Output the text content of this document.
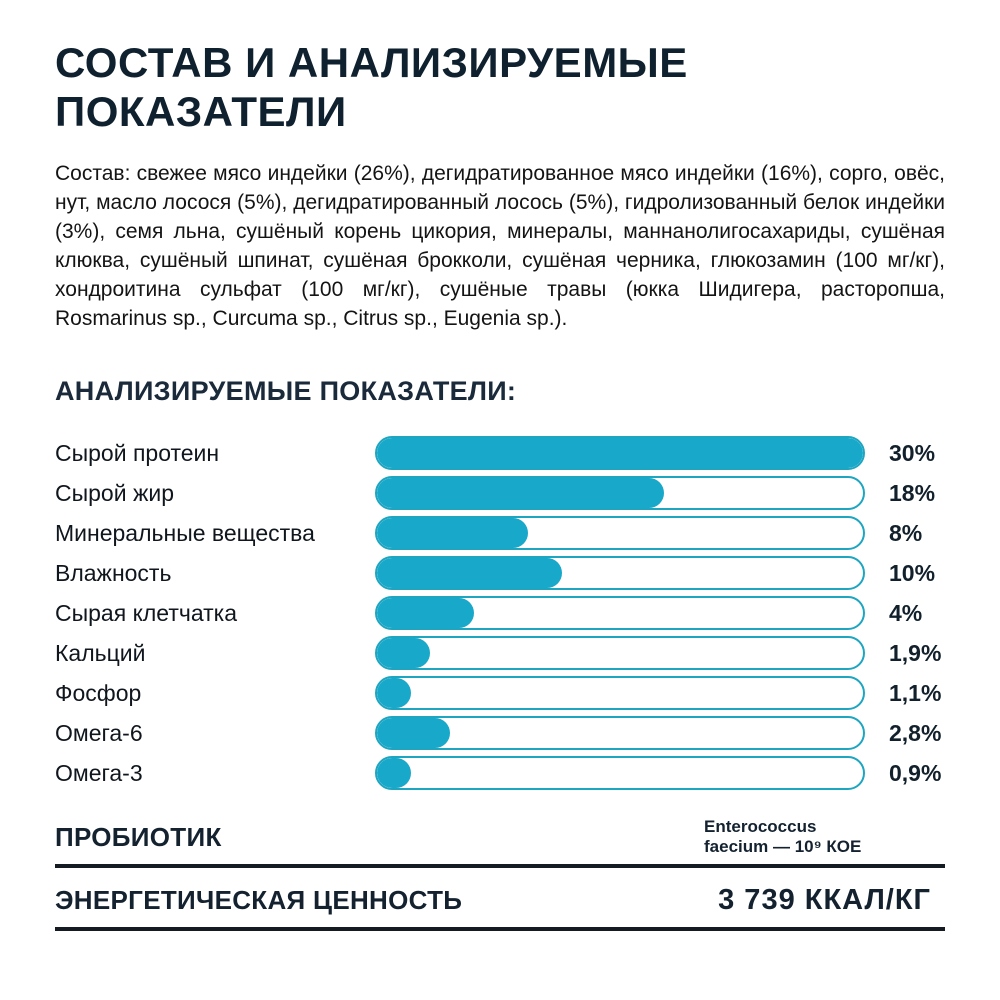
СОСТАВ И АНАЛИЗИРУЕМЫЕ ПОКАЗАТЕЛИ

Состав: свежее мясо индейки (26%), дегидратированное мясо индейки (16%), сорго, овёс, нут, масло лосося (5%), дегидратированный лосось (5%), гидролизованный белок индейки (3%), семя льна, сушёный корень цикория, минералы, маннанолигосахариды, сушёная клюква, сушёный шпинат, сушёная брокколи, сушёная черника, глюкозамин (100 мг/кг), хондроитина сульфат (100 мг/кг), сушёные травы (юкка Шидигера, расторопша, Rosmarinus sp., Curcuma sp., Citrus sp., Eugenia sp.).

АНАЛИЗИРУЕМЫЕ ПОКАЗАТЕЛИ:
Сырой протеин	30%
Сырой жир	18%
Минеральные вещества	8%
Влажность	10%
Сырая клетчатка	4%
Кальций	1,9%
Фосфор	1,1%
Омега-6	2,8%
Омега-3	0,9%
ПРОБИОТИК	Enterococcus
faecium — 10⁹ КОЕ
ЭНЕРГЕТИЧЕСКАЯ ЦЕННОСТЬ	3 739 ККАЛ/КГ
